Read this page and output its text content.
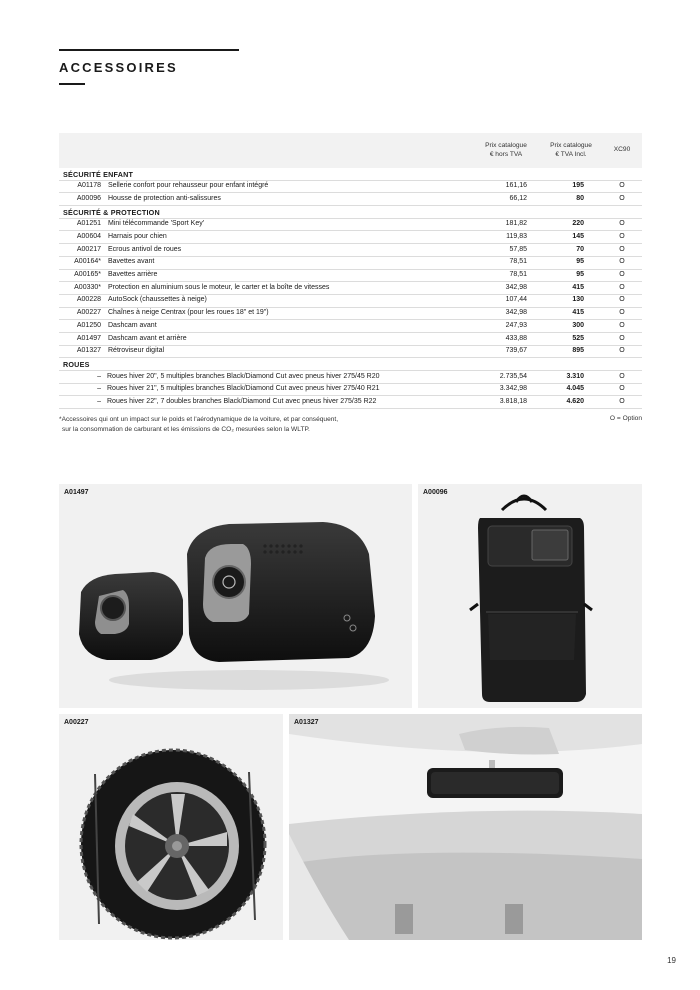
ACCESSOIRES
Prix catalogue
€ hors TVA
Prix catalogue
€ TVA Incl.
XC90
SÉCURITÉ ENFANT
A01178 Sellerie confort pour rehausseur pour enfant intégré	161,16	195	O
A00096 Housse de protection anti-salissures	66,12	80	O
SÉCURITÉ & PROTECTION
A01251 Mini télécommande 'Sport Key'	181,82	220	O
A00604 Harnais pour chien	119,83	145	O
A00217 Ecrous antivol de roues	57,85	70	O
A00164* Bavettes avant	78,51	95	O
A00165* Bavettes arrière	78,51	95	O
A00330* Protection en aluminium sous le moteur, le carter et la boîte de vitesses	342,98	415	O
A00228 AutoSock (chaussettes à neige)	107,44	130	O
A00227 Chaînes à neige Centrax (pour les roues 18" et 19")	342,98	415	O
A01250 Dashcam avant	247,93	300	O
A01497 Dashcam avant et arrière	433,88	525	O
A01327 Rétroviseur digital	739,67	895	O
ROUES
– Roues hiver 20", 5 multiples branches Black/Diamond Cut avec pneus hiver 275/45 R20	2.735,54	3.310	O
– Roues hiver 21", 5 multiples branches Black/Diamond Cut avec pneus hiver 275/40 R21	3.342,98	4.045	O
– Roues hiver 22", 7 doubles branches Black/Diamond Cut avec pneus hiver 275/35 R22	3.818,18	4.620	O
*Accessoires qui ont un impact sur le poids et l'aérodynamique de la voiture, et par conséquent,
sur la consommation de carburant et les émissions de CO₂ mesurées selon la WLTP.
O = Option
A01497	A00096
A00227	A01327
19
